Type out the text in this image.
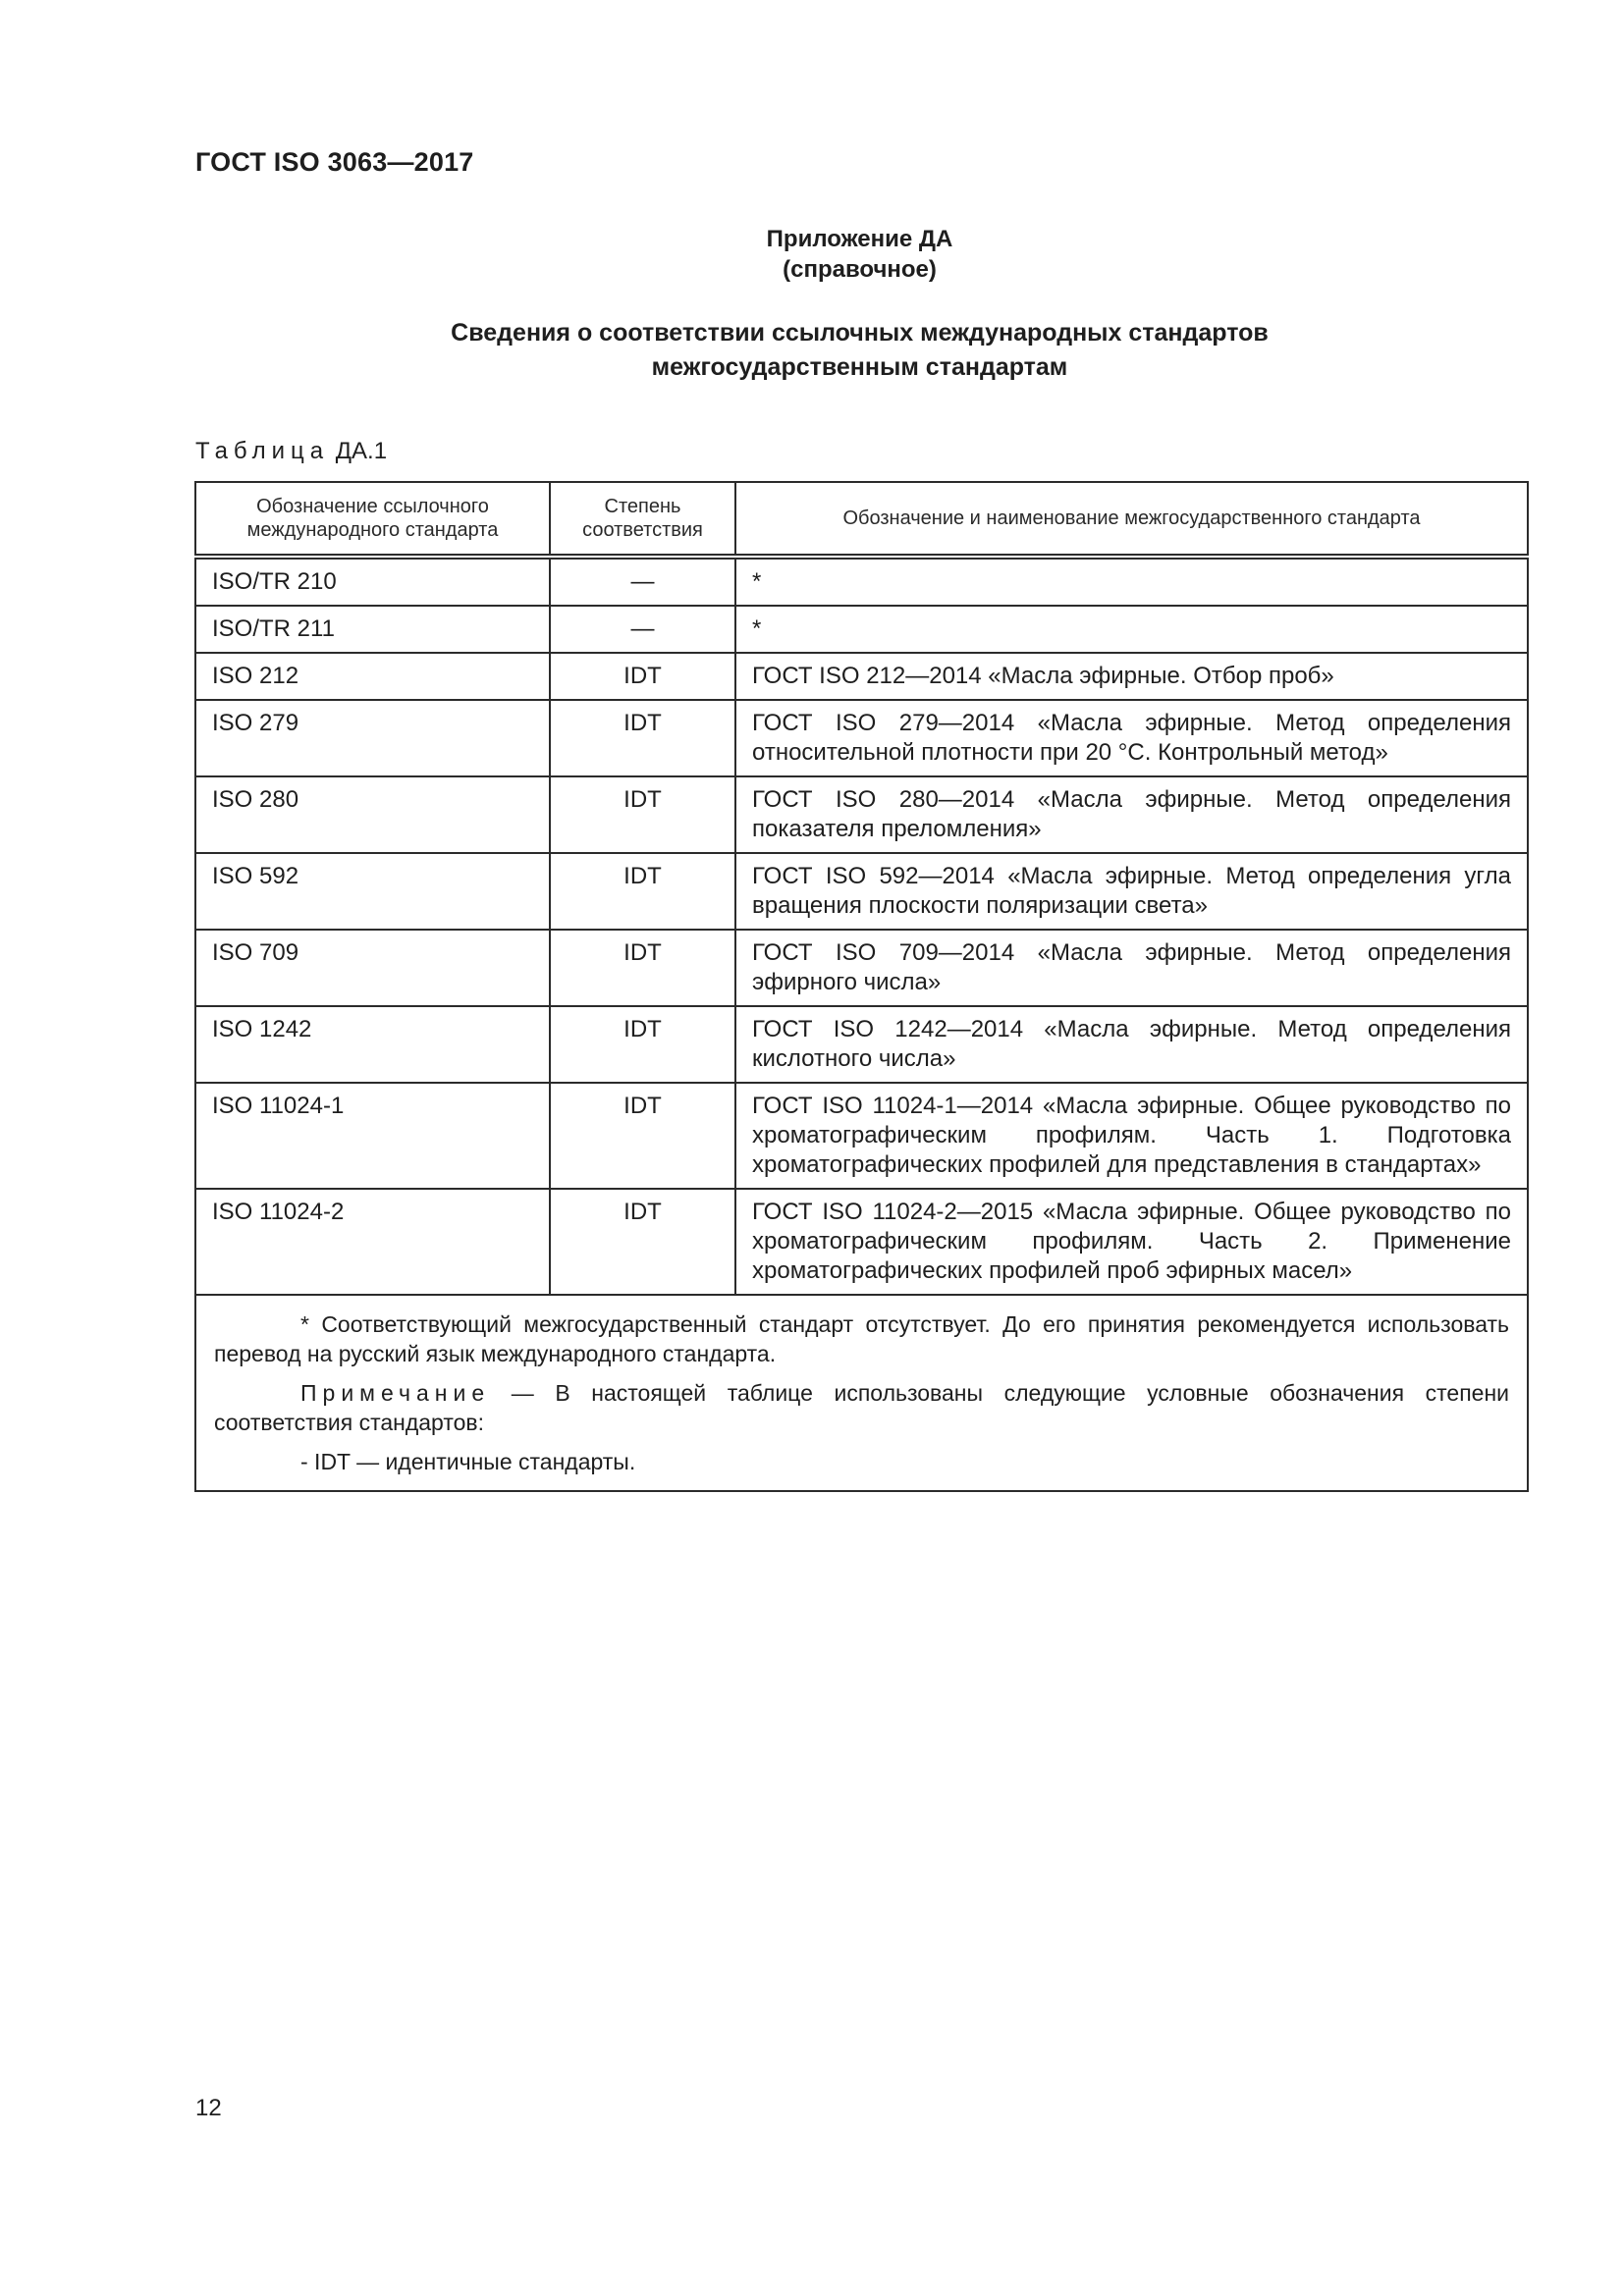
ГОСТ ISO 3063—2017
Приложение ДА
(справочное)
Сведения о соответствии ссылочных международных стандартов
межгосударственным стандартам
Таблица ДА.1
Обозначение ссылочного международного стандарта	Степень соответствия	Обозначение и наименование межгосударственного стандарта
ISO/TR 210	—	*
ISO/TR 211	—	*
ISO 212	IDT	ГОСТ ISO 212—2014 «Масла эфирные. Отбор проб»
ISO 279	IDT	ГОСТ ISO 279—2014 «Масла эфирные. Метод определения относительной плотности при 20 °С. Контрольный метод»
ISO 280	IDT	ГОСТ ISO 280—2014 «Масла эфирные. Метод определения показателя преломления»
ISO 592	IDT	ГОСТ ISO 592—2014 «Масла эфирные. Метод определения угла вращения плоскости поляризации света»
ISO 709	IDT	ГОСТ ISO 709—2014 «Масла эфирные. Метод определения эфирного числа»
ISO 1242	IDT	ГОСТ ISO 1242—2014 «Масла эфирные. Метод определения кислотного числа»
ISO 11024-1	IDT	ГОСТ ISO 11024-1—2014 «Масла эфирные. Общее руководство по хроматографическим профилям. Часть 1. Подготовка хроматографических профилей для представления в стандартах»
ISO 11024-2	IDT	ГОСТ ISO 11024-2—2015 «Масла эфирные. Общее руководство по хроматографическим профилям. Часть 2. Применение хроматографических профилей проб эфирных масел»

* Соответствующий межгосударственный стандарт отсутствует. До его принятия рекомендуется использовать перевод на русский язык международного стандарта.

Примечание — В настоящей таблице использованы следующие условные обозначения степени соответствия стандартов:

- IDT — идентичные стандарты.		

12
